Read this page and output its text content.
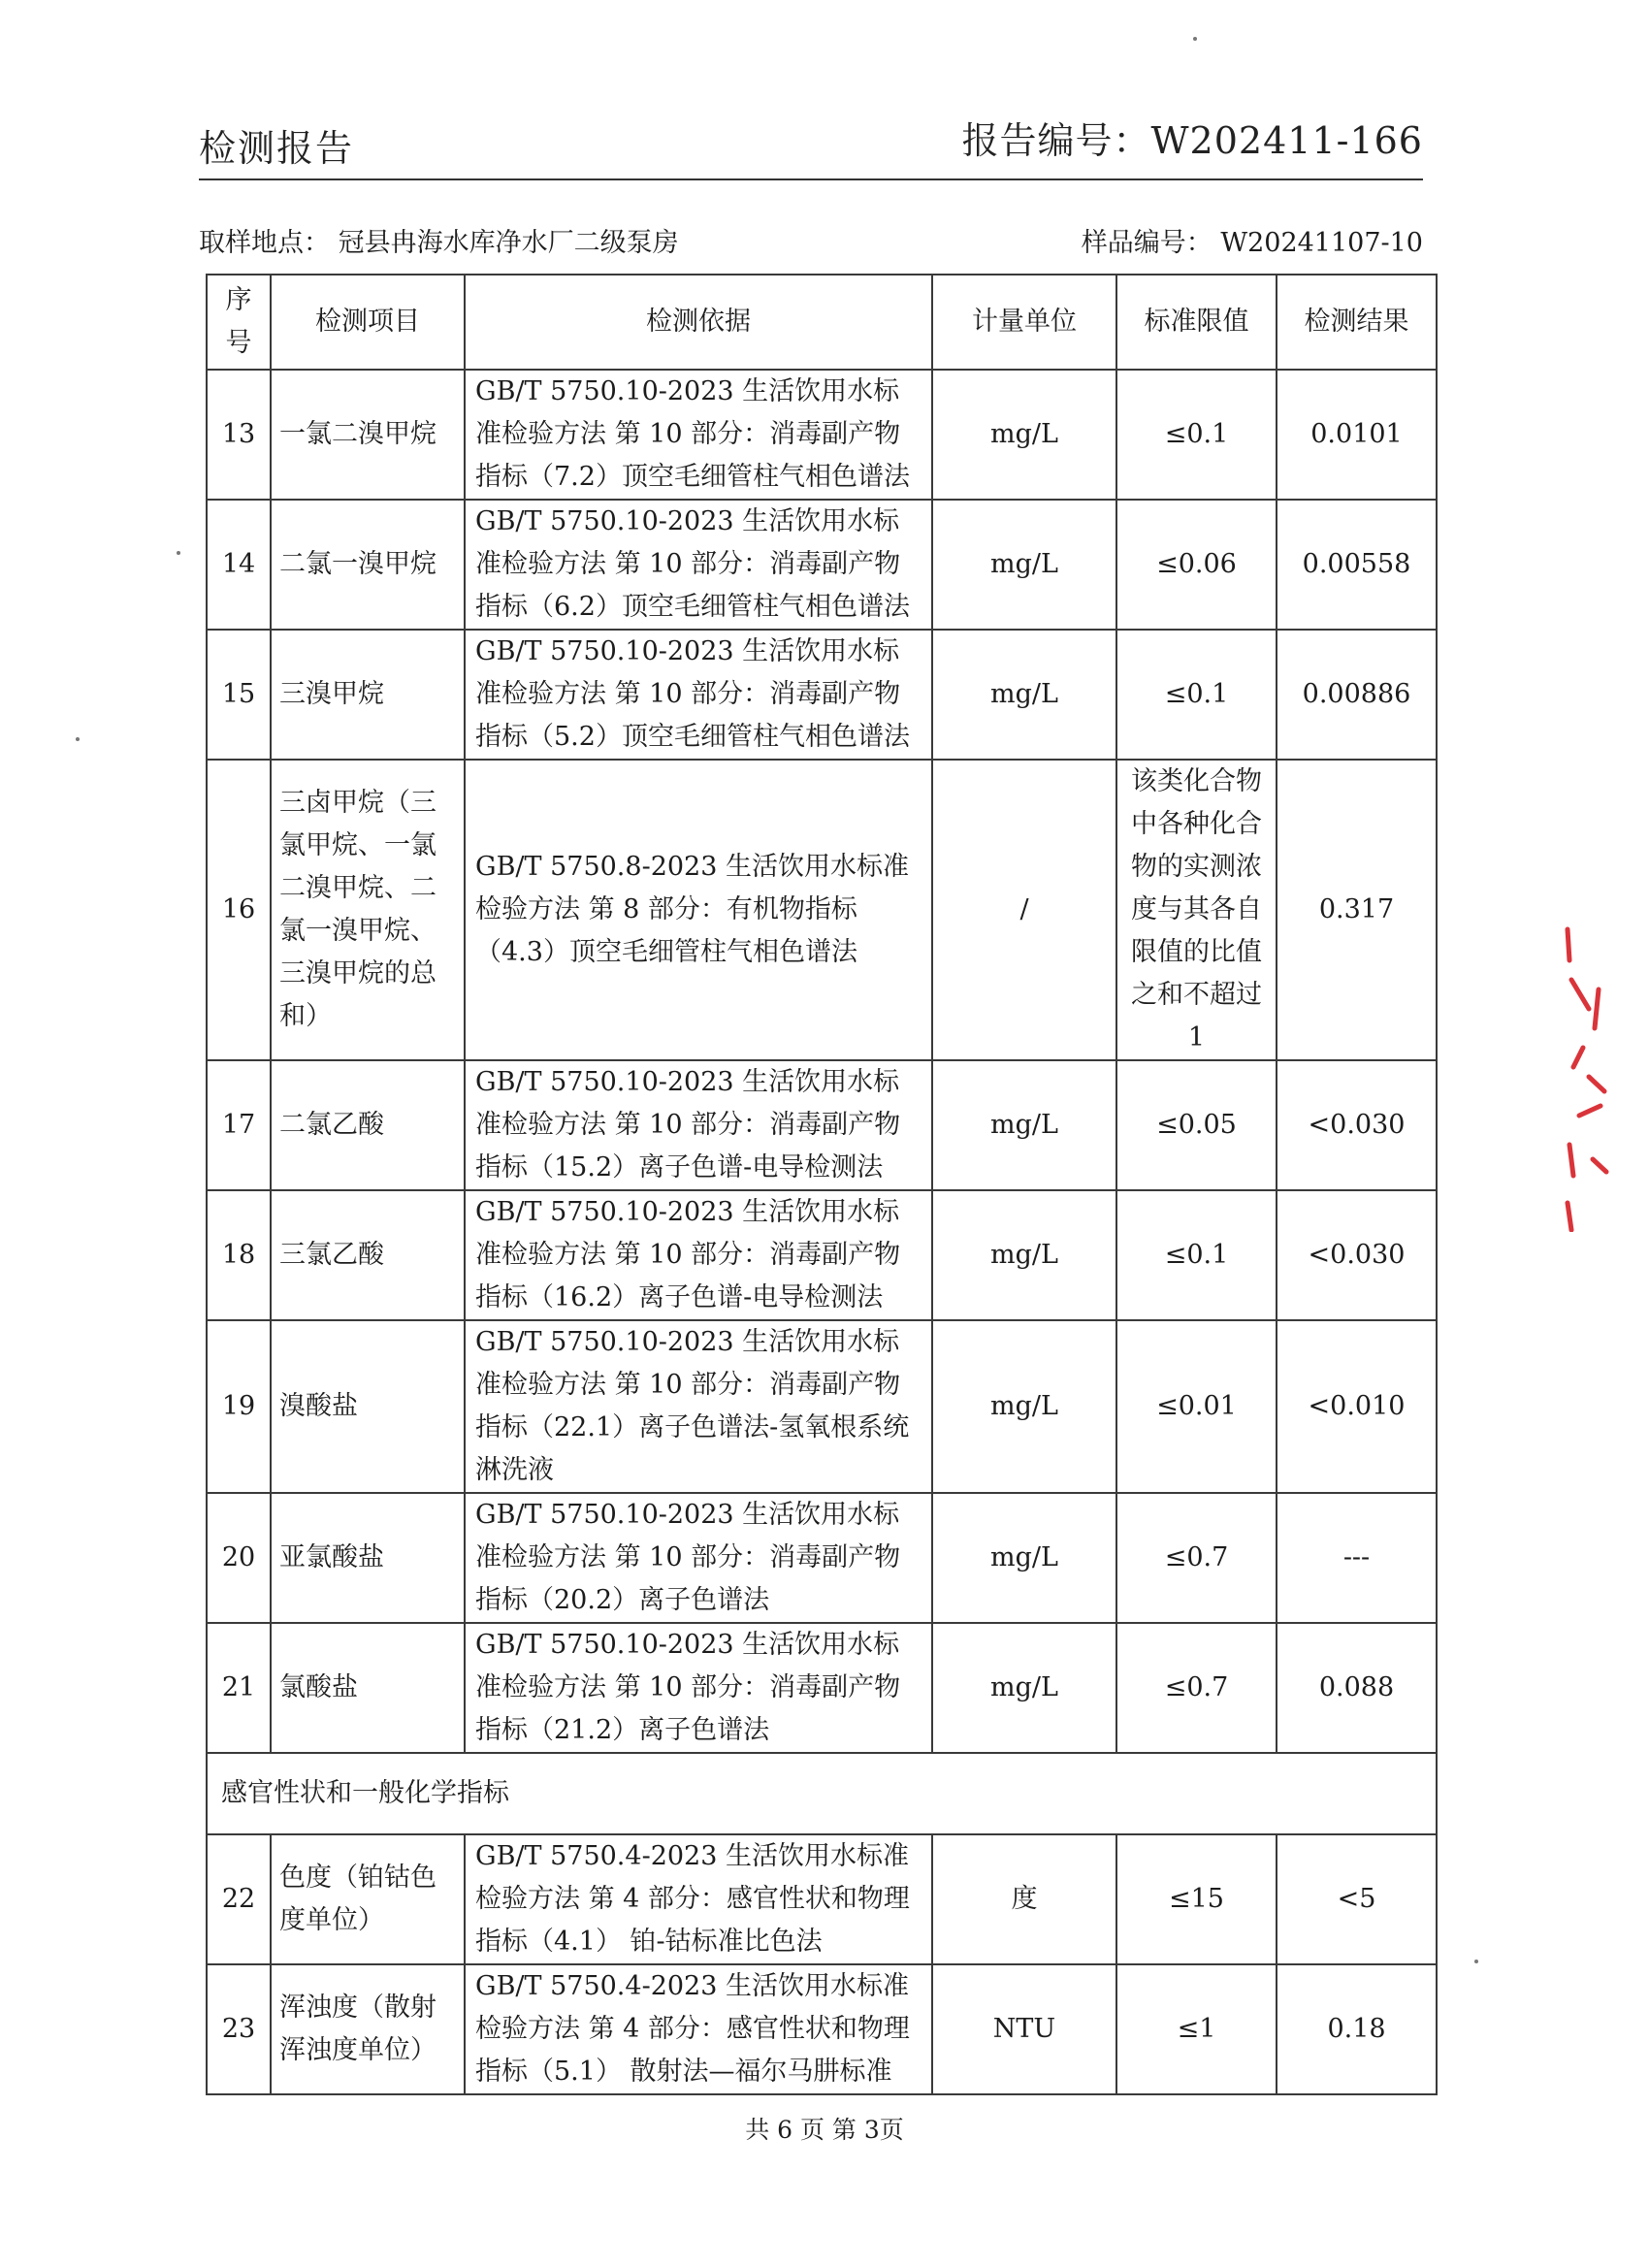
检测报告	报告编号：W202411-166
取样地点： 冠县冉海水库净水厂二级泵房	样品编号： W20241107-10
序号	检测项目	检测依据	计量单位	标准限值	检测结果
13	一氯二溴甲烷	GB/T 5750.10-2023 生活饮用水标准检验方法 第 10 部分：消毒副产物指标（7.2）顶空毛细管柱气相色谱法	mg/L	≤0.1	0.0101
14	二氯一溴甲烷	GB/T 5750.10-2023 生活饮用水标准检验方法 第 10 部分：消毒副产物指标（6.2）顶空毛细管柱气相色谱法	mg/L	≤0.06	0.00558
15	三溴甲烷	GB/T 5750.10-2023 生活饮用水标准检验方法 第 10 部分：消毒副产物指标（5.2）顶空毛细管柱气相色谱法	mg/L	≤0.1	0.00886
16	三卤甲烷（三氯甲烷、一氯二溴甲烷、二氯一溴甲烷、三溴甲烷的总和）	GB/T 5750.8-2023 生活饮用水标准检验方法 第 8 部分：有机物指标（4.3）顶空毛细管柱气相色谱法	/	该类化合物中各种化合物的实测浓度与其各自限值的比值之和不超过1	0.317
17	二氯乙酸	GB/T 5750.10-2023 生活饮用水标准检验方法 第 10 部分：消毒副产物指标（15.2）离子色谱-电导检测法	mg/L	≤0.05	<0.030
18	三氯乙酸	GB/T 5750.10-2023 生活饮用水标准检验方法 第 10 部分：消毒副产物指标（16.2）离子色谱-电导检测法	mg/L	≤0.1	<0.030
19	溴酸盐	GB/T 5750.10-2023 生活饮用水标准检验方法 第 10 部分：消毒副产物指标（22.1）离子色谱法-氢氧根系统淋洗液	mg/L	≤0.01	<0.010
20	亚氯酸盐	GB/T 5750.10-2023 生活饮用水标准检验方法 第 10 部分：消毒副产物指标（20.2）离子色谱法	mg/L	≤0.7	---
21	氯酸盐	GB/T 5750.10-2023 生活饮用水标准检验方法 第 10 部分：消毒副产物指标（21.2）离子色谱法	mg/L	≤0.7	0.088
感官性状和一般化学指标					
22	色度（铂钴色度单位）	GB/T 5750.4-2023 生活饮用水标准检验方法 第 4 部分：感官性状和物理指标（4.1） 铂-钴标准比色法	度	≤15	<5
23	浑浊度（散射浑浊度单位）	GB/T 5750.4-2023 生活饮用水标准检验方法 第 4 部分：感官性状和物理指标（5.1） 散射法—福尔马肼标准	NTU	≤1	0.18
共 6 页 第 3页
